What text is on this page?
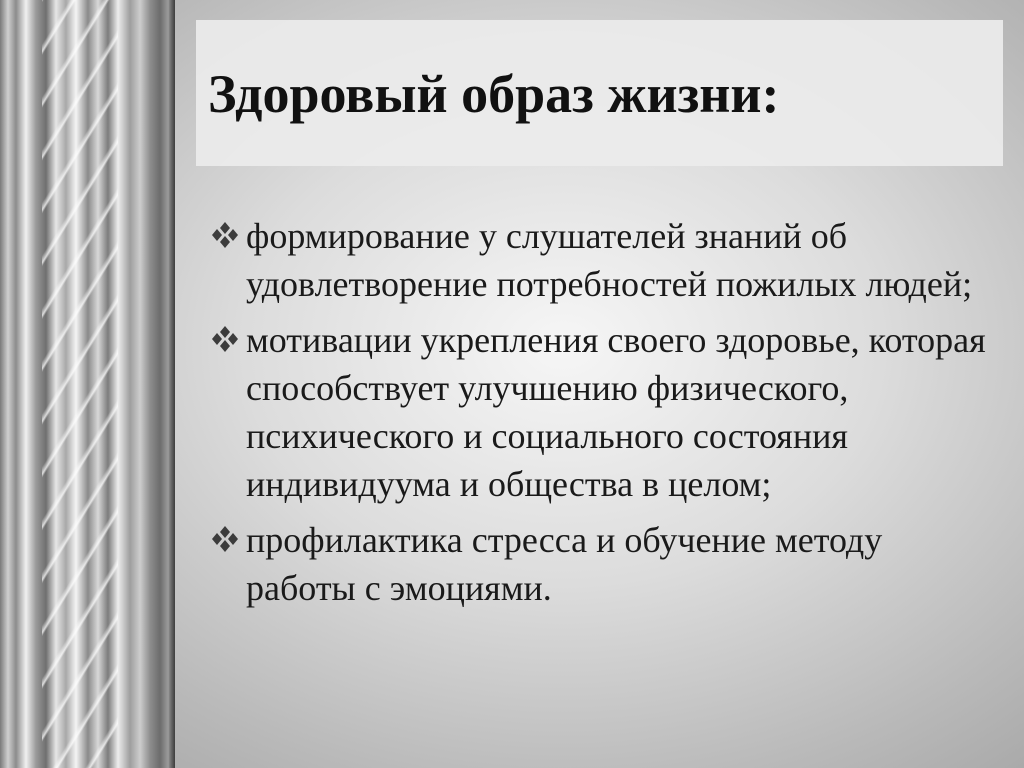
Здоровый образ жизни:
формирование у слушателей знаний об удовлетворение потребностей пожилых людей;
мотивации укрепления своего здоровье, которая способствует улучшению физического, психического и социального состояния индивидуума и общества в целом;
профилактика стресса и обучение методу работы с эмоциями.
